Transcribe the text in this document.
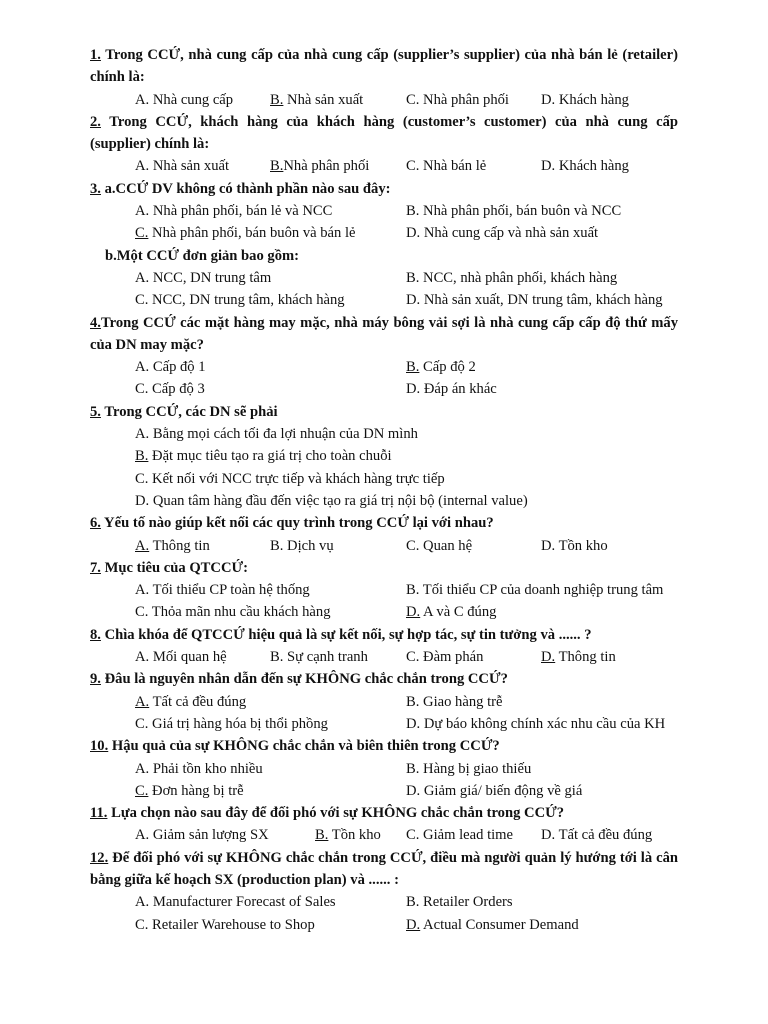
1. Trong CCỨ, nhà cung cấp của nhà cung cấp (supplier’s supplier) của nhà bán lẻ (retailer) chính là:
A. Nhà cung cấp	B. Nhà sản xuất	C. Nhà phân phối D. Khách hàng
2. Trong CCỨ, khách hàng của khách hàng (customer’s customer) của nhà cung cấp (supplier) chính là:
A. Nhà sản xuất	B.Nhà phân phối	C. Nhà bán lẻ	D. Khách hàng
3. a.CCỨ DV không có thành phần nào sau đây:
A. Nhà phân phối, bán lẻ và NCC	B. Nhà phân phối, bán buôn và NCC
C. Nhà phân phối, bán buôn và bán lẻ	D. Nhà cung cấp và nhà sản xuất
b.Một CCỨ đơn giản bao gồm:
A. NCC, DN trung tâm	B. NCC, nhà phân phối, khách hàng
C. NCC, DN trung tâm, khách hàng	D. Nhà sản xuất, DN trung tâm, khách hàng
4.Trong CCỨ các mặt hàng may mặc, nhà máy bông vải sợi là nhà cung cấp cấp độ thứ mấy của DN may mặc?
A. Cấp độ 1	B. Cấp độ 2
C. Cấp độ 3	D. Đáp án khác
5. Trong CCỨ, các DN sẽ phải
A. Bằng mọi cách tối đa lợi nhuận của DN mình
B. Đặt mục tiêu tạo ra giá trị cho toàn chuỗi
C. Kết nối với NCC trực tiếp và khách hàng trực tiếp
D. Quan tâm hàng đầu đến việc tạo ra giá trị nội bộ (internal value)
6. Yếu tố nào giúp kết nối các quy trình trong CCỨ lại với nhau?
A. Thông tin	B. Dịch vụ	C. Quan hệ	D. Tồn kho
7. Mục tiêu của QTCCỨ:
A. Tối thiểu CP toàn hệ thống	B. Tối thiểu CP của doanh nghiệp trung tâm
C. Thỏa mãn nhu cầu khách hàng	D. A và C đúng
8. Chìa khóa để QTCCỨ hiệu quả là sự kết nối, sự hợp tác, sự tin tưởng và ...... ?
A. Mối quan hệ	B. Sự cạnh tranh	C. Đàm phán	D. Thông tin
9. Đâu là nguyên nhân dẫn đến sự KHÔNG chắc chắn trong CCỨ?
A. Tất cả đều đúng	B. Giao hàng trễ
C. Giá trị hàng hóa bị thổi phồng	D. Dự báo không chính xác nhu cầu của KH
10. Hậu quả của sự KHÔNG chắc chắn và biên thiên trong CCỨ?
A. Phải tồn kho nhiều	B. Hàng bị giao thiếu
C. Đơn hàng bị trễ	D. Giảm giá/ biến động về giá
11. Lựa chọn nào sau đây để đối phó với sự KHÔNG chắc chắn trong CCỨ?
A. Giảm sản lượng SX	B. Tồn kho C. Giảm lead time D. Tất cả đều đúng
12. Để đối phó với sự KHÔNG chắc chắn trong CCỨ, điều mà người quản lý hướng tới là cân bằng giữa kế hoạch SX (production plan) và ...... :
A. Manufacturer Forecast of Sales	B. Retailer Orders
C. Retailer Warehouse to Shop	D. Actual Consumer Demand
